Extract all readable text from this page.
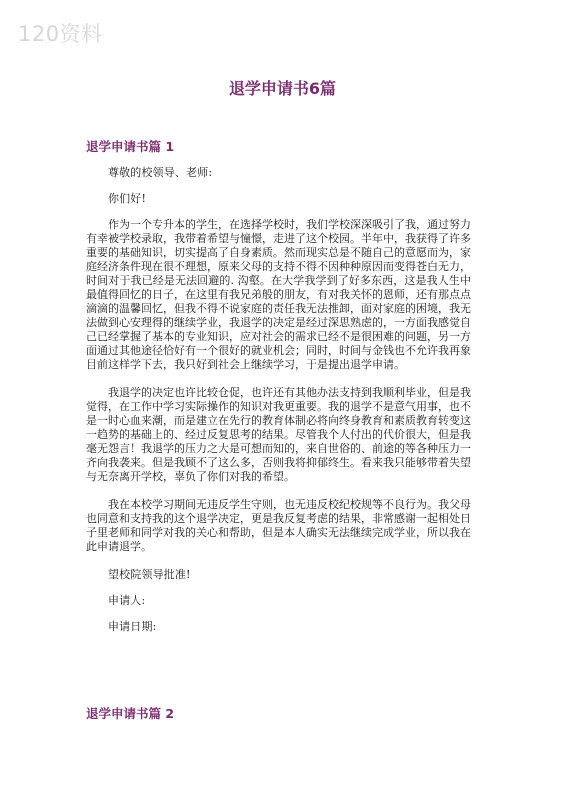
120资料
退学申请书6篇
退学申请书篇 1

尊敬的校领导、老师:

你们好!

作为一个专升本的学生，在选择学校时，我们学校深深吸引了我，通过努力有幸被学校录取，我带着希望与憧憬，走进了这个校园。半年中，我获得了许多重要的基础知识，切实提高了自身素质。然而现实总是不随自己的意愿而为，家庭经济条件现在很不理想，原来父母的支持不得不因种种原因而变得苍白无力，时间对于我已经是无法回避的. 沟壑。在大学我学到了好多东西，这是我人生中最值得回忆的日子，在这里有我兄弟般的朋友，有对我关怀的恩师，还有那点点滴滴的温馨回忆，但我不得不说家庭的责任我无法推卸，面对家庭的困境，我无法做到心安理得的继续学业，我退学的决定是经过深思熟虑的，一方面我感觉自己已经掌握了基本的专业知识，应对社会的需求已经不是很困难的问题，另一方面通过其他途径恰好有一个很好的就业机会；同时，时间与金钱也不允许我再象目前这样学下去，我只好到社会上继续学习，于是提出退学申请。

我退学的决定也许比较仓促，也许还有其他办法支持到我顺利毕业，但是我觉得，在工作中学习实际操作的知识对我更重要。我的退学不是意气用事，也不是一时心血来潮，而是建立在先行的教育体制必将向终身教育和素质教育转变这一趋势的基础上的、经过反复思考的结果。尽管我个人付出的代价很大，但是我毫无怨言！我退学的压力之大是可想而知的，来自世俗的、前途的等各种压力一齐向我袭来。但是我顾不了这么多，否则我将抑郁终生。看来我只能够带着失望与无奈离开学校，辜负了你们对我的希望。

我在本校学习期间无违反学生守则，也无违反校纪校规等不良行为。我父母也同意和支持我的这个退学决定，更是我反复考虑的结果，非常感谢一起相处日子里老师和同学对我的关心和帮助，但是本人确实无法继续完成学业，所以我在此申请退学。

望校院领导批准!

申请人:

申请日期:

退学申请书篇 2
